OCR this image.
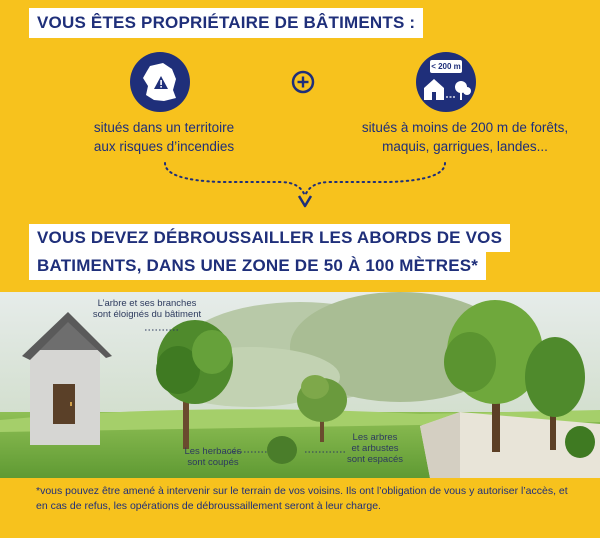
VOUS ÊTES PROPRIÉTAIRE DE BÂTIMENTS :
< 200 m
situés dans un territoire
aux risques d’incendies
situés à moins de 200 m de forêts,
maquis, garrigues, landes...
VOUS DEVEZ DÉBROUSSAILLER LES ABORDS DE VOS
BATIMENTS, DANS UNE ZONE DE 50 À 100 MÈTRES*
L’arbre et ses branches
sont éloignés du bâtiment
Les herbacés
sont coupés
Les arbres
et arbustes
sont espacés
*vous pouvez être amené à intervenir sur le terrain de vos voisins. Ils ont l’obligation de vous y autoriser l’accès, et en cas de refus, les opérations de débroussaillement seront à leur charge.
